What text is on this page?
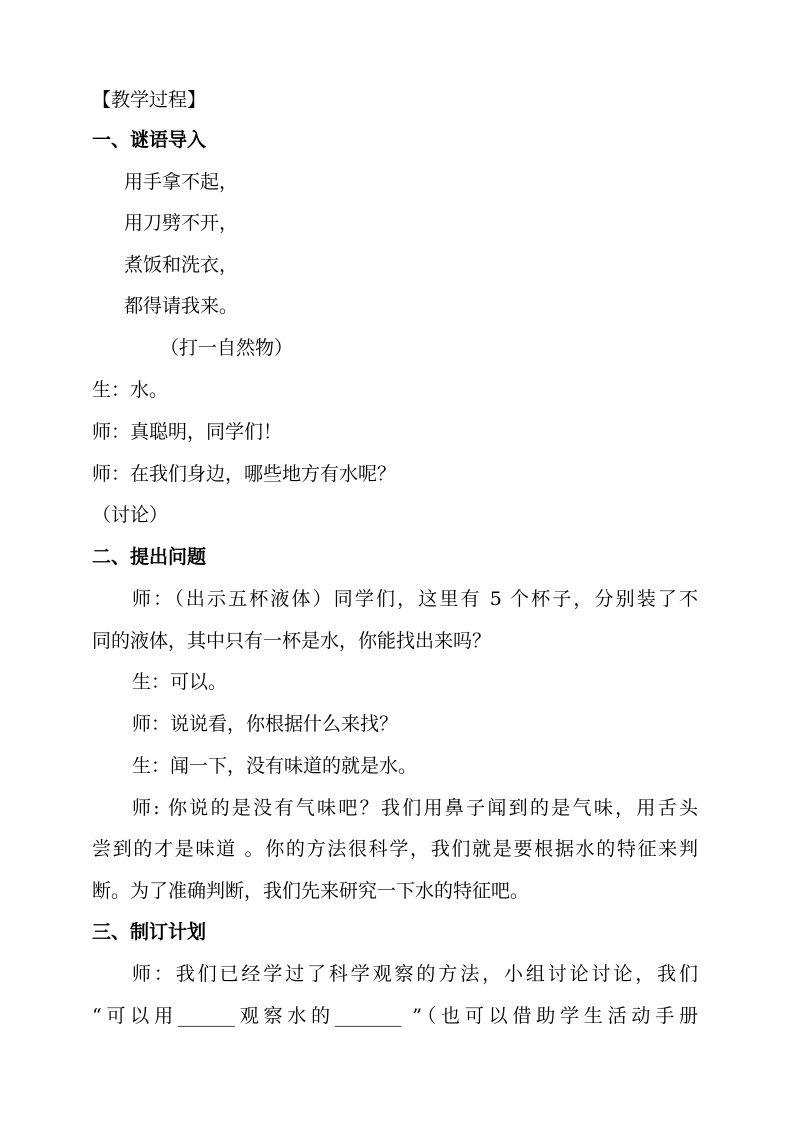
【教学过程】
一、谜语导入
用手拿不起，
用刀劈不开，
煮饭和洗衣，
都得请我来。
（打一自然物）
生：水。
师：真聪明，同学们！
师：在我们身边，哪些地方有水呢？
（讨论）
二、提出问题
师：（出示五杯液体）同学们，这里有 5 个杯子，分别装了不
同的液体，其中只有一杯是水，你能找出来吗？
生：可以。
师：说说看，你根据什么来找？
生：闻一下，没有味道的就是水。
师: 你说的是没有气味吧？我们用鼻子闻到的是气味，用舌头
尝到的才是味道 。你的方法很科学，我们就是要根据水的特征来判
断。为了准确判断，我们先来研究一下水的特征吧。
三、制订计划
师：我们已经学过了科学观察的方法，小组讨论讨论，我们
“可以用______观察水的_______ ”（也可以借助学生活动手册
